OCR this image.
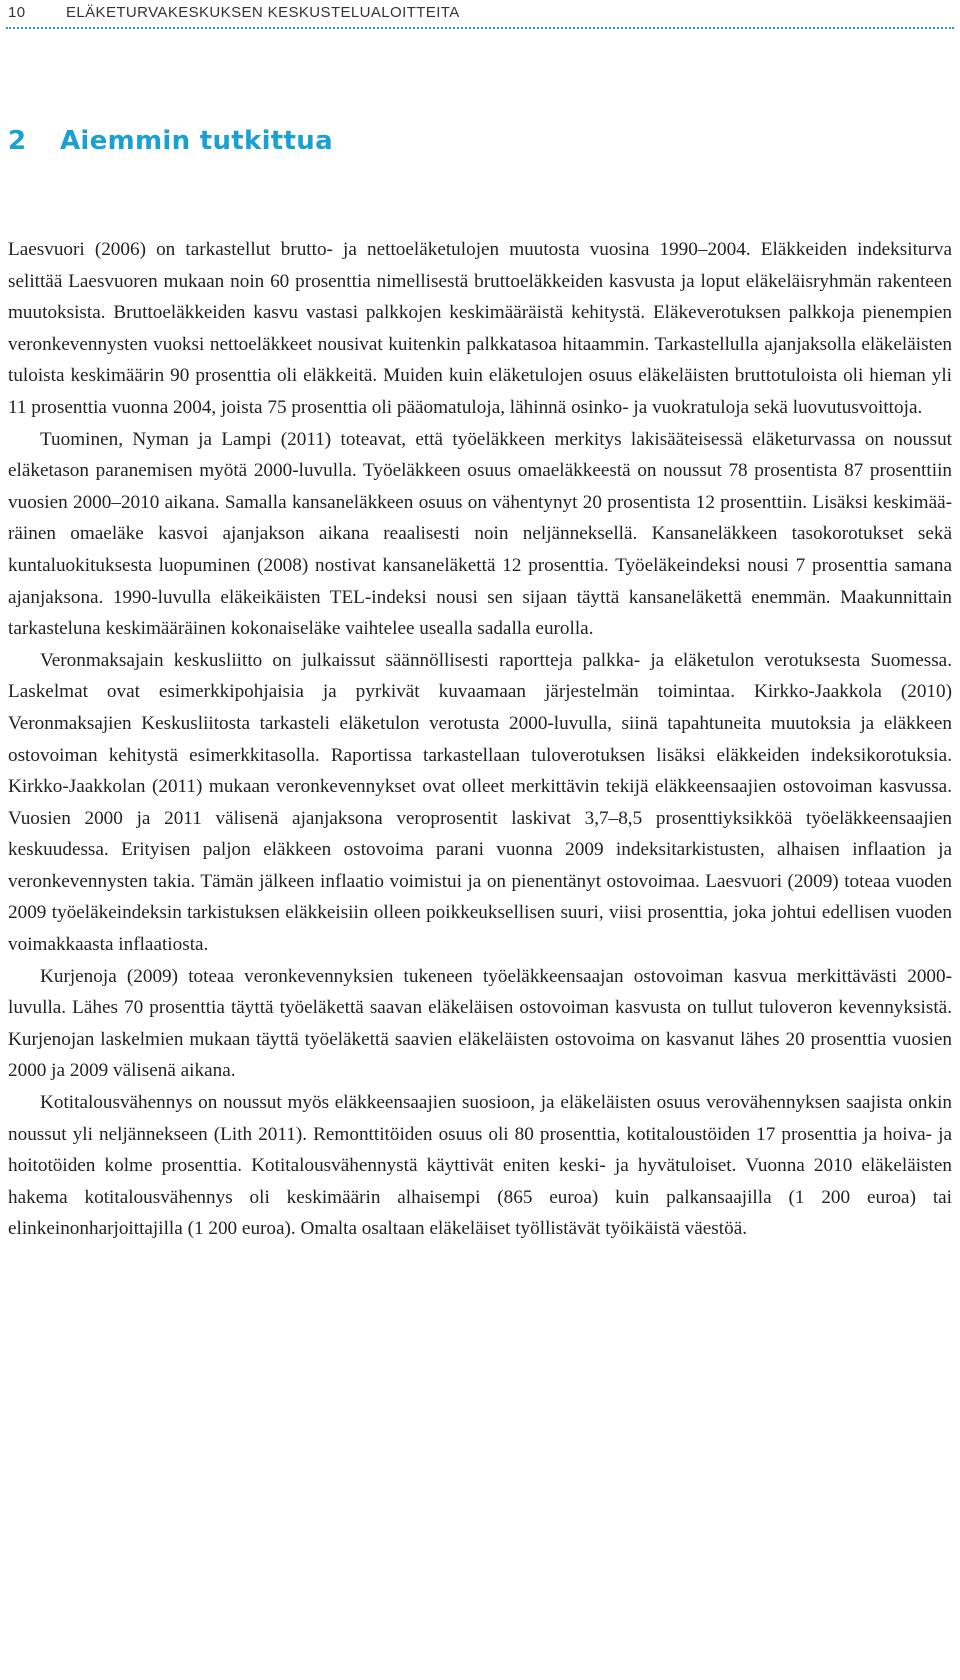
10	ELÄKETURVAKESKUKSEN KESKUSTELUALOITTEITA
2 Aiemmin tutkittua

Laesvuori (2006) on tarkastellut brutto- ja nettoeläketulojen muutosta vuosina 1990–2004. Eläkkeiden indeksiturva selittää Laesvuoren mukaan noin 60 prosenttia nimellisestä bruttoeläkkeiden kasvusta ja loput eläkeläisryhmän rakenteen muutoksista. Bruttoeläkkeiden kasvu vastasi palkkojen keskimääräistä kehitystä. Eläkeverotuksen palkkoja pienempien veronkevennysten vuoksi nettoeläkkeet nousivat kuitenkin palkkatasoa hitaammin. Tarkastellulla ajanjaksolla eläkeläisten tuloista keskimäärin 90 prosenttia oli eläkkeitä. Muiden kuin eläketulojen osuus eläkeläisten bruttotuloista oli hieman yli 11 prosenttia vuonna 2004, joista 75 prosenttia oli pääomatuloja, lähinnä osinko- ja vuokratuloja sekä luovutusvoittoja.

Tuominen, Nyman ja Lampi (2011) toteavat, että työeläkkeen merkitys lakisääteisessä eläketurvassa on noussut eläketason paranemisen myötä 2000-luvulla. Työeläkkeen osuus omaeläkkeestä on noussut 78 prosentista 87 prosenttiin vuosien 2000–2010 aikana. Samalla kansaneläkkeen osuus on vähentynyt 20 prosentista 12 prosenttiin. Lisäksi keskimääräinen omaeläke kasvoi ajanjakson aikana reaalisesti noin neljänneksellä. Kansaneläkkeen tasokorotukset sekä kuntaluokituksesta luopuminen (2008) nostivat kansaneläkettä 12 prosenttia. Työeläkeindeksi nousi 7 prosenttia samana ajanjaksona. 1990-luvulla eläkeikäisten TEL-indeksi nousi sen sijaan täyttä kansaneläkettä enemmän. Maakunnittain tarkasteluna keskimääräinen kokonaiseläke vaihtelee usealla sadalla eurolla.

Veronmaksajain keskusliitto on julkaissut säännöllisesti raportteja palkka- ja eläketulon verotuksesta Suomessa. Laskelmat ovat esimerkkipohjaisia ja pyrkivät kuvaamaan järjestelmän toimintaa. Kirkko-Jaakkola (2010) Veronmaksajien Keskusliitosta tarkasteli eläketulon verotusta 2000-luvulla, siinä tapahtuneita muutoksia ja eläkkeen ostovoiman kehitystä esimerkkitasolla. Raportissa tarkastellaan tuloverotuksen lisäksi eläkkeiden indeksikorotuksia. Kirkko-Jaakkolan (2011) mukaan veronkevennykset ovat olleet merkittävin tekijä eläkkeensaajien ostovoiman kasvussa. Vuosien 2000 ja 2011 välisenä ajanjaksona veroprosentit laskivat 3,7–8,5 prosenttiyksikköä työeläkkeensaajien keskuudessa. Erityisen paljon eläkkeen ostovoima parani vuonna 2009 indeksitarkistusten, alhaisen inflaation ja veronkevennysten takia. Tämän jälkeen inflaatio voimistui ja on pienentänyt ostovoimaa. Laesvuori (2009) toteaa vuoden 2009 työeläkeindeksin tarkistuksen eläkkeisiin olleen poikkeuksellisen suuri, viisi prosenttia, joka johtui edellisen vuoden voimakkaasta inflaatiosta.

Kurjenoja (2009) toteaa veronkevennyksien tukeneen työeläkkeensaajan ostovoiman kasvua merkittävästi 2000-luvulla. Lähes 70 prosenttia täyttä työeläkettä saavan eläkeläisen ostovoiman kasvusta on tullut tuloveron kevennyksistä. Kurjenojan laskelmien mukaan täyttä työeläkettä saavien eläkeläisten ostovoima on kasvanut lähes 20 prosenttia vuosien 2000 ja 2009 välisenä aikana.

Kotitalousvähennys on noussut myös eläkkeensaajien suosioon, ja eläkeläisten osuus verovähennyksen saajista onkin noussut yli neljännekseen (Lith 2011). Remonttitöiden osuus oli 80 prosenttia, kotitaloustöiden 17 prosenttia ja hoiva- ja hoitotöiden kolme prosenttia. Kotitalousvähennystä käyttivät eniten keski- ja hyvätuloiset. Vuonna 2010 eläkeläisten hakema kotitalousvähennys oli keskimäärin alhaisempi (865 euroa) kuin palkansaajilla (1 200 euroa) tai elinkeinonharjoittajilla (1 200 euroa). Omalta osaltaan eläkeläiset työllistävät työikäistä väestöä.
